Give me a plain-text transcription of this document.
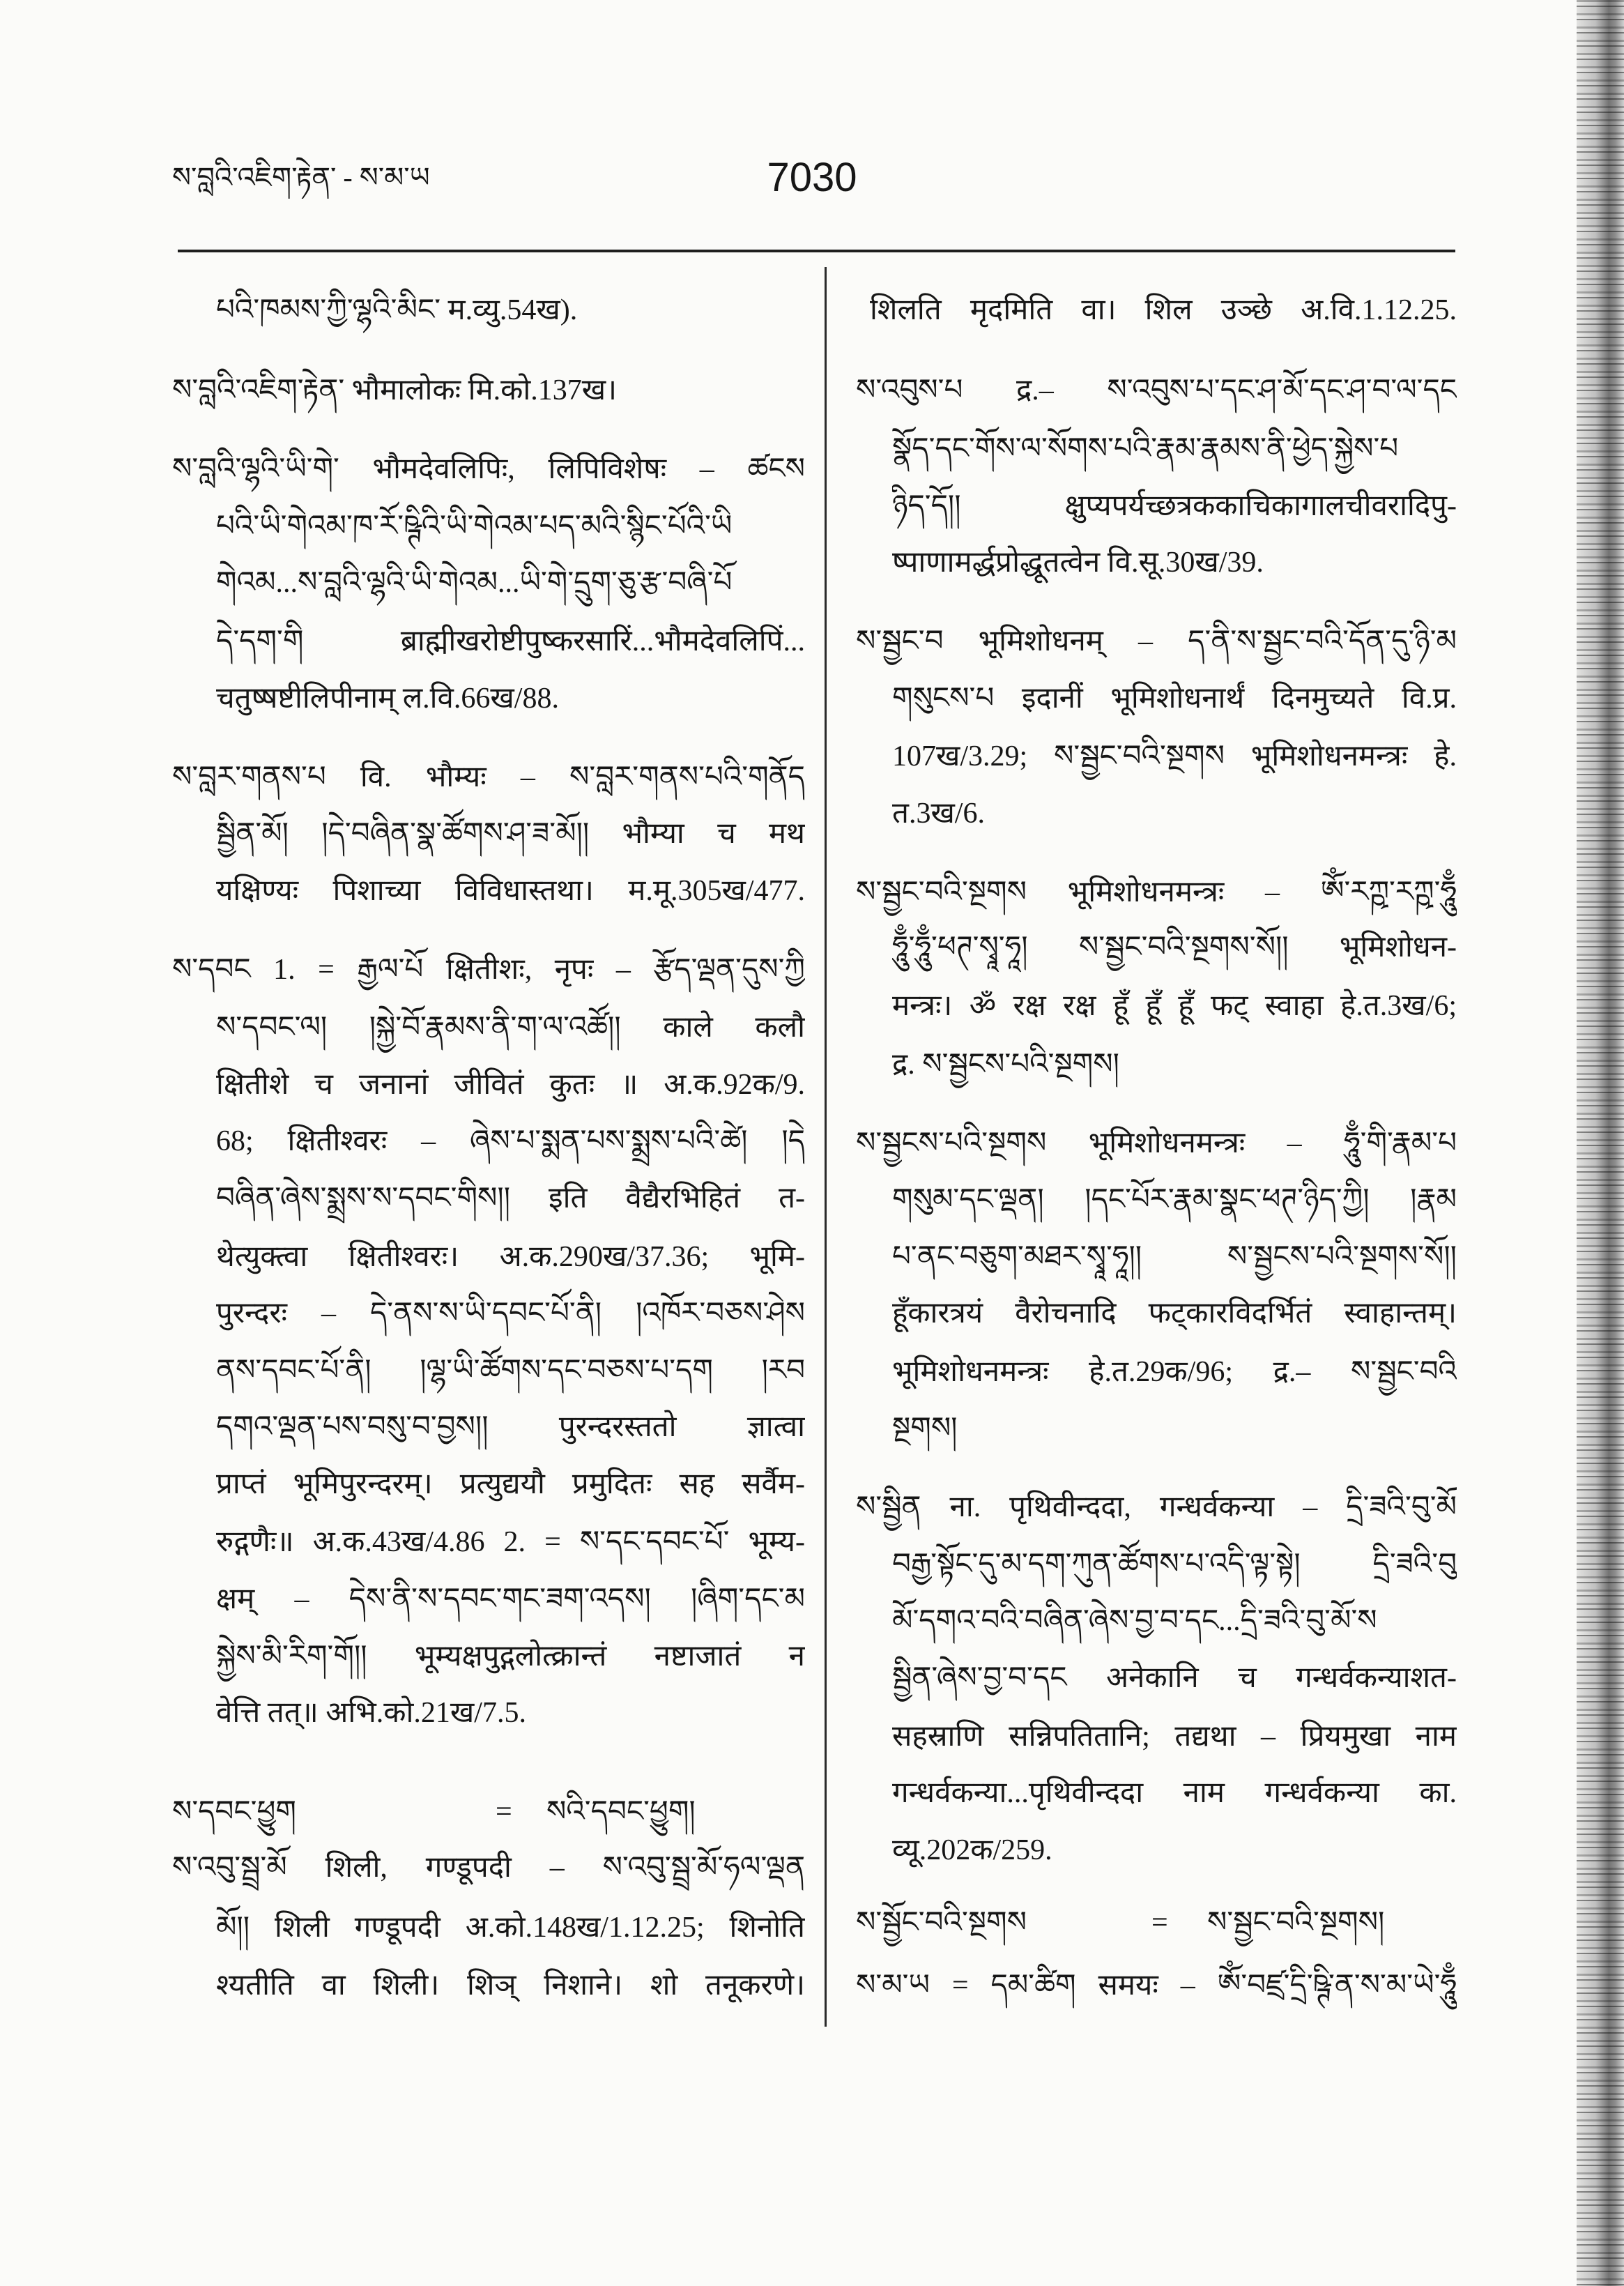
ས་བླའི་འཇིག་རྟེན་ - ས་མ་ཡ	7030
པའི་ཁམས་ཀྱི་ལྷའི་མིང་ म.व्यु.54ख).
ས་བླའི་འཇིག་རྟེན་ भौमालोकः मि.को.137ख।
ས་བླའི་ལྷའི་ཡི་གེ་ भौमदेवलिपिः, लिपिविशेषः – ཚངས
པའི་ཡི་གེའམ་ཁ་རོ་ཥྚིའི་ཡི་གེའམ་པད་མའི་སྙིང་པོའི་ཡི
གེའམ...ས་བླའི་ལྷའི་ཡི་གེའམ...ཡི་གེ་དྲུག་ཅུ་རྩ་བཞི་པོ
དེ་དག་གི ब्राह्मीखरोष्टीपुष्करसारिं...भौमदेवलिपिं...
चतुष्षष्टीलिपीनाम् ल.वि.66ख/88.
ས་བླར་གནས་པ वि. भौम्यः – ས་བླར་གནས་པའི་གནོད
སྦྱིན་མོ། །དེ་བཞིན་སྣ་ཚོགས་ཤ་ཟ་མོ།། भौम्या च मथ
यक्षिण्यः पिशाच्या विविधास्तथा। म.मू.305ख/477.
ས་དབང 1. = རྒྱལ་པོ क्षितीशः, नृपः – རྩོད་ལྡན་དུས་ཀྱི
ས་དབང་ལ། །སྐྱེ་བོ་རྣམས་ནི་ག་ལ་འཚོ།། काले कलौ
क्षितीशे च जनानां जीवितं कुतः ॥ अ.क.92क/9.
68; क्षितीश्वरः – ཞེས་པ་སྨན་པས་སྨྲས་པའི་ཚེ། །དེ
བཞིན་ཞེས་སྨྲས་ས་དབང་གིས།། इति वैद्यैरभिहितं त-
थेत्युक्त्वा क्षितीश्वरः। अ.क.290ख/37.36; भूमि-
पुरन्दरः – དེ་ནས་ས་ཡི་དབང་པོ་ནི། །འཁོར་བཅས་ཤེས
ནས་དབང་པོ་ནི། །ལྷ་ཡི་ཚོགས་དང་བཅས་པ་དག །རབ
དགའ་ལྡན་པས་བསུ་བ་བྱས།། पुरन्दरस्ततो ज्ञात्वा
प्राप्तं भूमिपुरन्दरम्। प्रत्युद्ययौ प्रमुदितः सह सर्वैम-
रुद्गणैः॥ अ.क.43ख/4.86 2. = ས་དང་དབང་པོ་ भूम्य-
क्षम् – དེས་ནི་ས་དབང་གང་ཟག་འདས། །ཞིག་དང་མ
སྐྱེས་མི་རིག་གོ།། भूम्यक्षपुद्गलोत्क्रान्तं नष्टाजातं न
वेत्ति तत्॥ अभि.को.21ख/7.5.
ས་དབང་ཕྱུག	= སའི་དབང་ཕྱུག།
ས་འབུ་སྦྲ་མོ शिली, गण्डूपदी – ས་འབུ་སྦྲ་མོ་ཧལ་ལྡན
མོ།། शिली गण्डूपदी अ.को.148ख/1.12.25; शिनोति
श्यतीति वा शिली। शिञ् निशाने। शो तनूकरणे।
शिलति मृदमिति वा। शिल उञ्छे अ.वि.1.12.25.
ས་འབུས་པ द्र.– ས་འབུས་པ་དང་ཤ་མོ་དང་ཤ་བ་ལ་དང
སྣོད་དང་གོས་ལ་སོགས་པའི་རྣམ་རྣམས་ནི་ཕྱེད་སྐྱེས་པ
ཉིད་དོ།། क्षुप्यपर्यच्छत्रककाचिकागालचीवरादिपु-
ष्पाणामर्द्धप्रोद्धूतत्वेन वि.सू.30ख/39.
ས་སྦྱང་བ भूमिशोधनम् – ད་ནི་ས་སྦྱང་བའི་དོན་དུ་ཉི་མ
གསུངས་པ इदानीं भूमिशोधनार्थं दिनमुच्यते वि.प्र.
107ख/3.29; ས་སྦྱང་བའི་སྔགས भूमिशोधनमन्त्रः हे.
त.3ख/6.
ས་སྦྱང་བའི་སྔགས भूमिशोधनमन्त्रः – ཨོཾ་རཀྵ་རཀྵ་ཧཱུྃ
ཧཱུྃ་ཧཱུྃ་ཕཊ་སྭཱ་ཧཱ། ས་སྦྱང་བའི་སྔགས་སོ།། भूमिशोधन-
मन्त्रः। ॐ रक्ष रक्ष हूँ हूँ हूँ फट् स्वाहा हे.त.3ख/6;
द्र. ས་སྦྱངས་པའི་སྔགས།
ས་སྦྱངས་པའི་སྔགས भूमिशोधनमन्त्रः – ཧཱུྃ་གི་རྣམ་པ
གསུམ་དང་ལྡན། །དང་པོར་རྣམ་སྣང་ཕཊ་ཉིད་ཀྱི། །རྣམ
པ་ནང་བཅུག་མཐར་སྭཱ་ཧཱ།། ས་སྦྱངས་པའི་སྔགས་སོ།།
हूँकारत्रयं वैरोचनादि फट्कारविदर्भितं स्वाहान्तम्।
भूमिशोधनमन्त्रः हे.त.29क/96; द्र.– ས་སྦྱང་བའི
སྔགས།
ས་སྦྱིན ना. पृथिवीन्ददा, गन्धर्वकन्या – དྲི་ཟའི་བུ་མོ
བརྒྱ་སྟོང་དུ་མ་དག་ཀུན་ཚོགས་པ་འདི་ལྟ་སྟེ། དྲི་ཟའི་བུ
མོ་དགའ་བའི་བཞིན་ཞེས་བྱ་བ་དང...དྲི་ཟའི་བུ་མོ་ས
སྦྱིན་ཞེས་བྱ་བ་དང अनेकानि च गन्धर्वकन्याशत-
सहस्राणि सन्निपतितानि; तद्यथा – प्रियमुखा नाम
गन्धर्वकन्या...पृथिवीन्ददा नाम गन्धर्वकन्या का.
व्यू.202क/259.
ས་སྦྱོང་བའི་སྔགས	= ས་སྦྱང་བའི་སྔགས།
ས་མ་ཡ = དམ་ཚིག समयः – ཨོཾ་བཛྲ་དྲི་ཥྚི་ན་ས་མ་ཡེ་ཧཱུྃ
